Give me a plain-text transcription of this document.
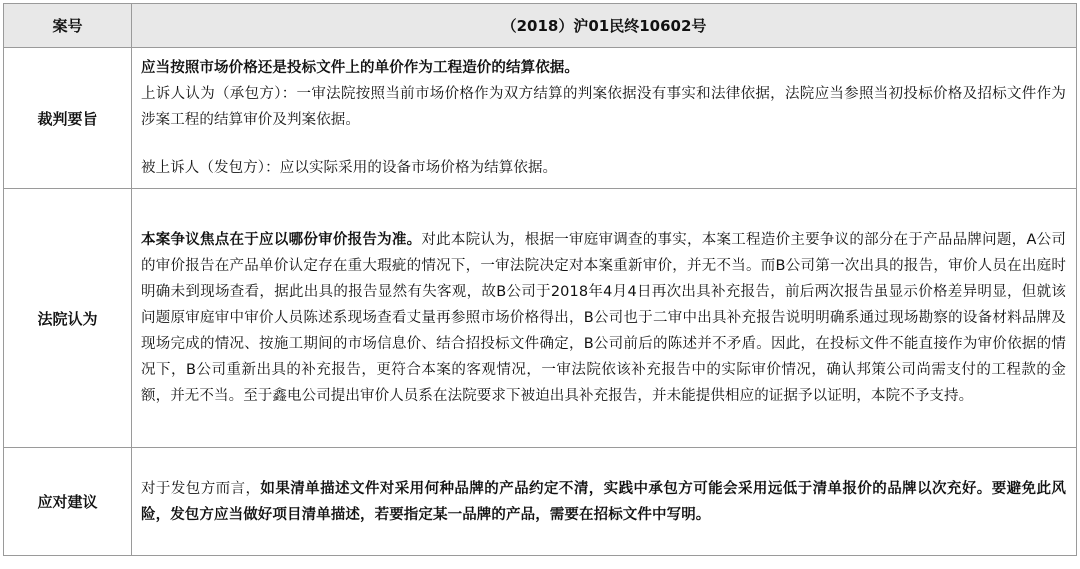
案号	（2018）沪01民终10602号
裁判要旨	应当按照市场价格还是投标文件上的单价作为工程造价的结算依据。

上诉人认为（承包方）：一审法院按照当前市场价格作为双方结算的判案依据没有事实和法律依据，法院应当参照当初投标价格及招标文件作为涉案工程的结算审价及判案依据。

被上诉人（发包方）：应以实际采用的设备市场价格为结算依据。

法院认为	本案争议焦点在于应以哪份审价报告为准。对此本院认为，根据一审庭审调查的事实，本案工程造价主要争议的部分在于产品品牌问题，A公司的审价报告在产品单价认定存在重大瑕疵的情况下，一审法院决定对本案重新审价，并无不当。而B公司第一次出具的报告，审价人员在出庭时明确未到现场查看，据此出具的报告显然有失客观，故B公司于2018年4月4日再次出具补充报告，前后两次报告虽显示价格差异明显，但就该问题原审庭审中审价人员陈述系现场查看丈量再参照市场价格得出，B公司也于二审中出具补充报告说明明确系通过现场勘察的设备材料品牌及现场完成的情况、按施工期间的市场信息价、结合招投标文件确定，B公司前后的陈述并不矛盾。因此，在投标文件不能直接作为审价依据的情况下，B公司重新出具的补充报告，更符合本案的客观情况，一审法院依该补充报告中的实际审价情况，确认邦策公司尚需支付的工程款的金额，并无不当。至于鑫电公司提出审价人员系在法院要求下被迫出具补充报告，并未能提供相应的证据予以证明，本院不予支持。

应对建议	对于发包方而言，如果清单描述文件对采用何种品牌的产品约定不清，实践中承包方可能会采用远低于清单报价的品牌以次充好。要避免此风险，发包方应当做好项目清单描述，若要指定某一品牌的产品，需要在招标文件中写明。
